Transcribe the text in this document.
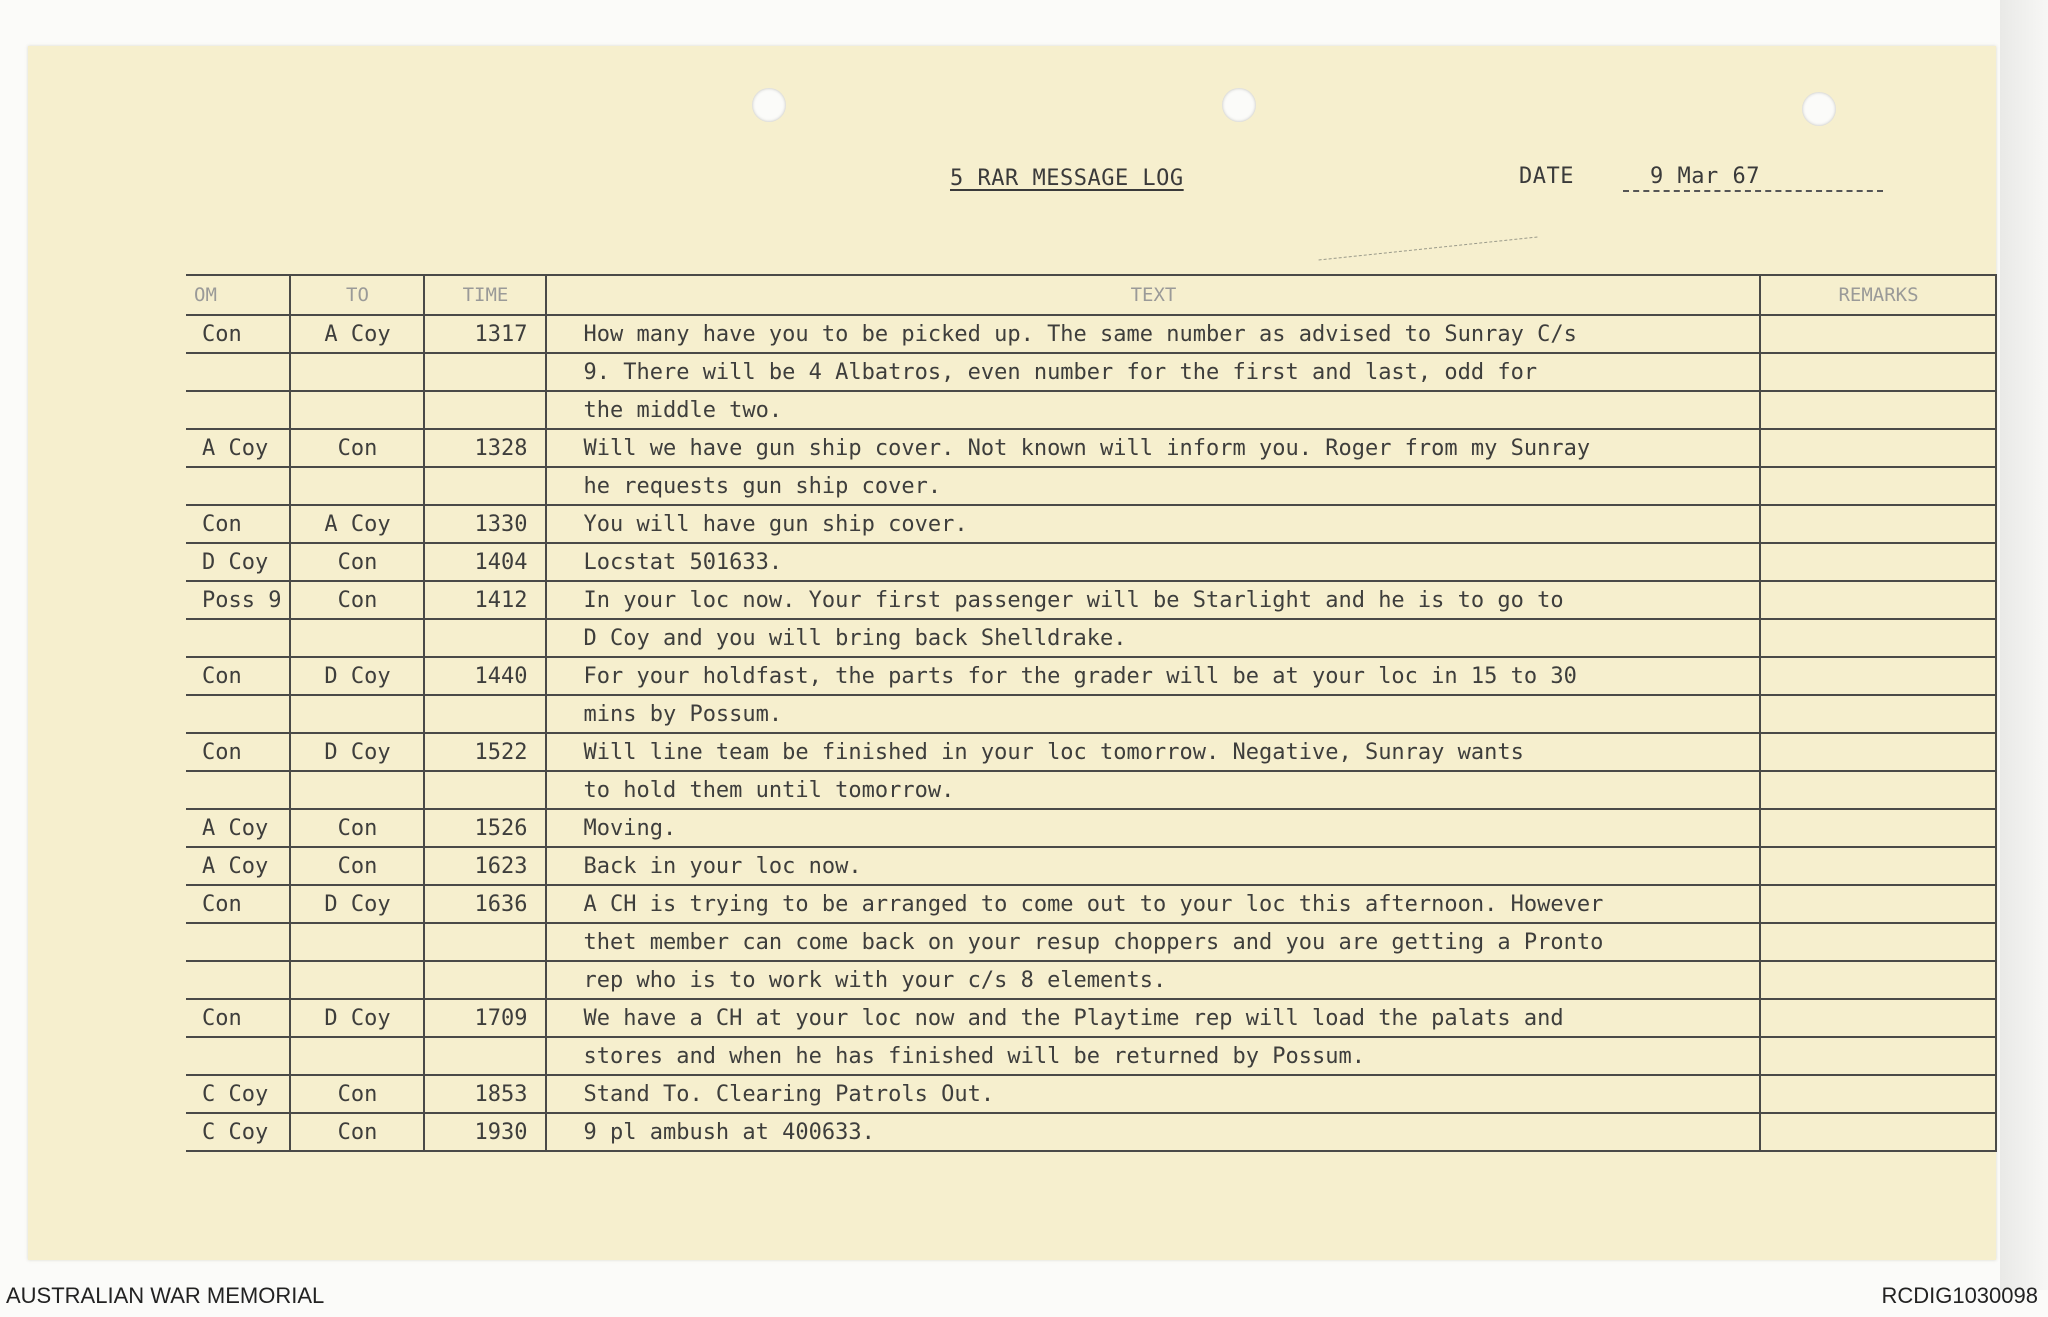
5 RAR MESSAGE LOG	DATE	9 Mar 67
OM	TO	TIME	TEXT	REMARKS
Con	A Coy	1317	How many have you to be picked up. The same number as advised to Sunray C/s	
			9. There will be 4 Albatros, even number for the first and last, odd for	
			the middle two.	
A Coy	Con	1328	Will we have gun ship cover. Not known will inform you. Roger from my Sunray	
			he requests gun ship cover.	
Con	A Coy	1330	You will have gun ship cover.	
D Coy	Con	1404	Locstat 501633.	
Poss 9	Con	1412	In your loc now. Your first passenger will be Starlight and he is to go to	
			D Coy and you will bring back Shelldrake.	
Con	D Coy	1440	For your holdfast, the parts for the grader will be at your loc in 15 to 30	
			mins by Possum.	
Con	D Coy	1522	Will line team be finished in your loc tomorrow. Negative, Sunray wants	
			to hold them until tomorrow.	
A Coy	Con	1526	Moving.	
A Coy	Con	1623	Back in your loc now.	
Con	D Coy	1636	A CH is trying to be arranged to come out to your loc this afternoon. However	
			thet member can come back on your resup choppers and you are getting a Pronto	
			rep who is to work with your c/s 8 elements.	
Con	D Coy	1709	We have a CH at your loc now and the Playtime rep will load the palats and	
			stores and when he has finished will be returned by Possum.	
C Coy	Con	1853	Stand To. Clearing Patrols Out.	
C Coy	Con	1930	9 pl ambush at 400633.	
AUSTRALIAN WAR MEMORIAL	RCDIG1030098
